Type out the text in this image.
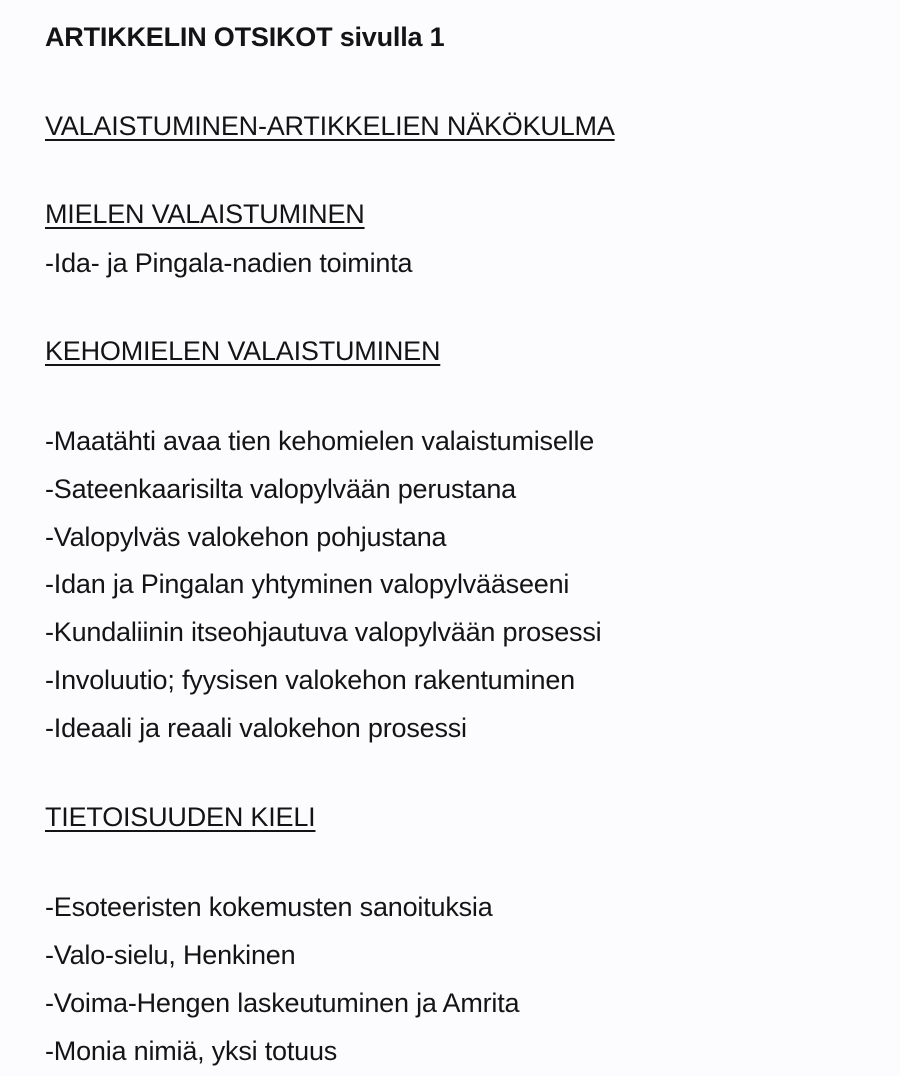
ARTIKKELIN OTSIKOT sivulla 1
VALAISTUMINEN-ARTIKKELIEN NÄKÖKULMA
MIELEN VALAISTUMINEN
-Ida- ja Pingala-nadien toiminta
KEHOMIELEN VALAISTUMINEN
-Maatähti avaa tien kehomielen valaistumiselle
-Sateenkaarisilta valopylvään perustana
-Valopylväs valokehon pohjustana
-Idan ja Pingalan yhtyminen valopylvääseeni
-Kundaliinin itseohjautuva valopylvään prosessi
-Involuutio; fyysisen valokehon rakentuminen
-Ideaali ja reaali valokehon prosessi
TIETOISUUDEN KIELI
-Esoteeristen kokemusten sanoituksia
-Valo-sielu, Henkinen
-Voima-Hengen laskeutuminen ja Amrita
-Monia nimiä, yksi totuus
